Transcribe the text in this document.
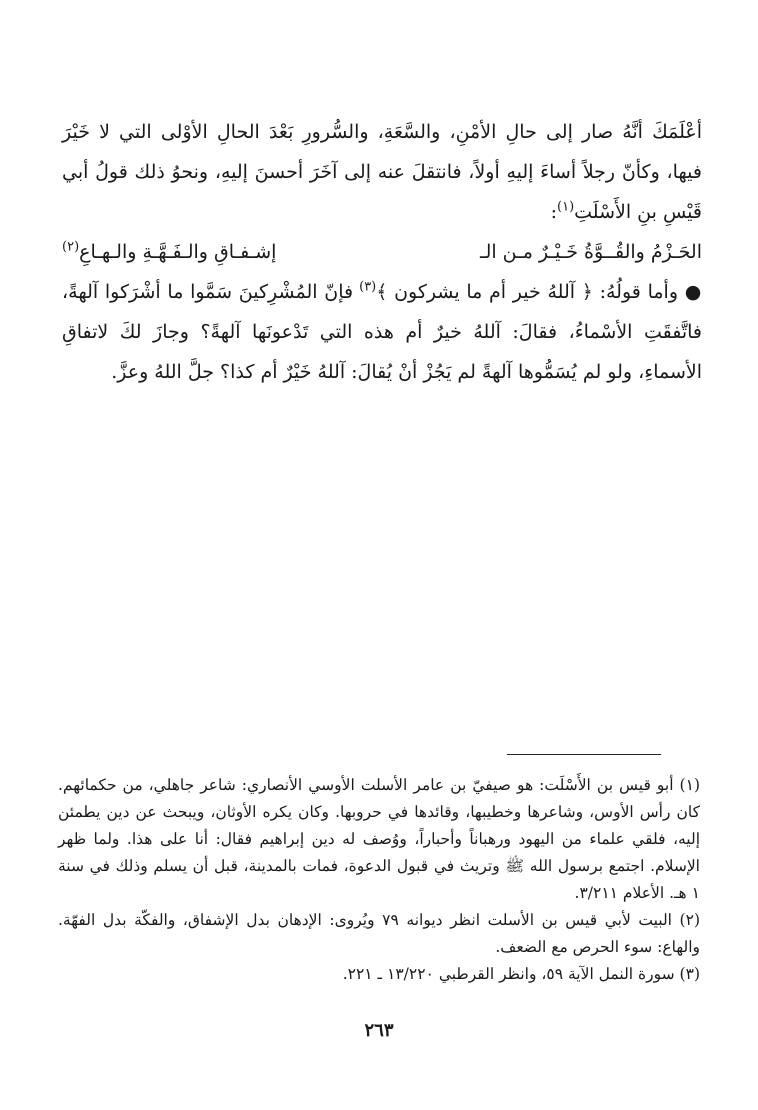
أعْلَمَكَ أنَّهُ صار إلى حالِ الأمْنِ، والسَّعَةِ، والسُّرورِ بَعْدَ الحالِ الأوْلى التي لا خَيْرَ فيها، وكأنّ رجلاً أساءَ إليهِ أولاً، فانتقلَ عنه إلى آخَرَ أحسنَ إليهِ، ونحوُ ذلك قولُ أبي قَيْسِ بنِ الأَسْلَتِ$^{(١)}$:

الحَـزْمُ والقُــوَّةُ خَـيْـرٌ مـن الـ
إشـفـاقِ والـفَـهَّـةِ والـهـاعِ$^{(٢)}$

● وأما قولُهُ: ﴿ آللهُ خير أم ما يشركون ﴾$^{(٣)}$ فإنّ المُشْرِكينَ سَمَّوا ما أشْرَكوا آلهةً، فاتَّفقَتِ الأسْماءُ، فقالَ: آللهُ خيرٌ أم هذه التي تَدْعونَها آلهةً؟ وجازَ لكَ لاتفاقِ الأسماءِ، ولو لم يُسَمُّوها آلهةً لم يَجُزْ أنْ يُقالَ: آللهُ خَيْرٌ أم كذا؟ جلَّ اللهُ وعزَّ.

(١) أبو قيس بن الأَسْلَت: هو صيفيّ بن عامر الأسلت الأوسي الأنصاري: شاعر جاهلي، من حكمائهم. كان رأس الأوس، وشاعرها وخطيبها، وقائدها في حروبها. وكان يكره الأوثان، ويبحث عن دين يطمئن إليه، فلقي علماء من اليهود ورهباناً وأحباراً، ووُصف له دين إبراهيم فقال: أنا على هذا. ولما ظهر الإسلام. اجتمع برسول الله ﷺ وتريث في قبول الدعوة، فمات بالمدينة، قبل أن يسلم وذلك في سنة ١ هـ. الأعلام ٣/٢١١.

(٢) البيت لأبي قيس بن الأسلت انظر ديوانه ٧٩ ويُروى: الإدهان بدل الإشفاق، والفكّة بدل الفهّة. والهاع: سوء الحرص مع الضعف.

(٣) سورة النمل الآية ٥٩، وانظر القرطبي ١٣/٢٢٠ ـ ٢٢١.

٢٦٣
